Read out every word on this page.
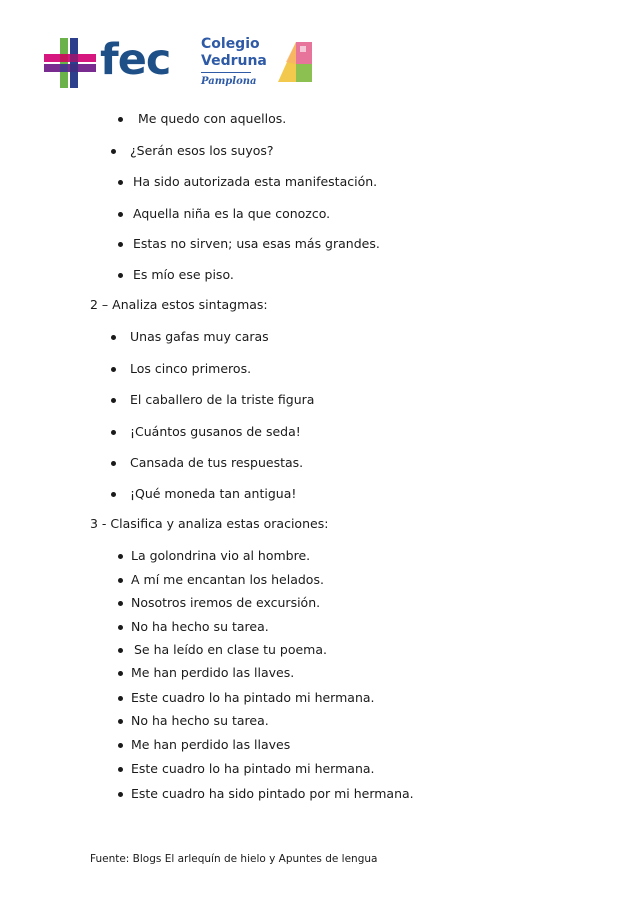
fec Colegio
Vedruna
Pamplona
Me quedo con aquellos.
¿Serán esos los suyos?
Ha sido autorizada esta manifestación.
Aquella niña es la que conozco.
Estas no sirven; usa esas más grandes.
Es mío ese piso.
2 – Analiza estos sintagmas:
Unas gafas muy caras
Los cinco primeros.
El caballero de la triste figura
¡Cuántos gusanos de seda!
Cansada de tus respuestas.
¡Qué moneda tan antigua!
3 - Clasifica y analiza estas oraciones:
La golondrina vio al hombre.
A mí me encantan los helados.
Nosotros iremos de excursión.
No ha hecho su tarea.
Se ha leído en clase tu poema.
Me han perdido las llaves.
Este cuadro lo ha pintado mi hermana.
No ha hecho su tarea.
Me han perdido las llaves
Este cuadro lo ha pintado mi hermana.
Este cuadro ha sido pintado por mi hermana.
Fuente: Blogs El arlequín de hielo y Apuntes de lengua
